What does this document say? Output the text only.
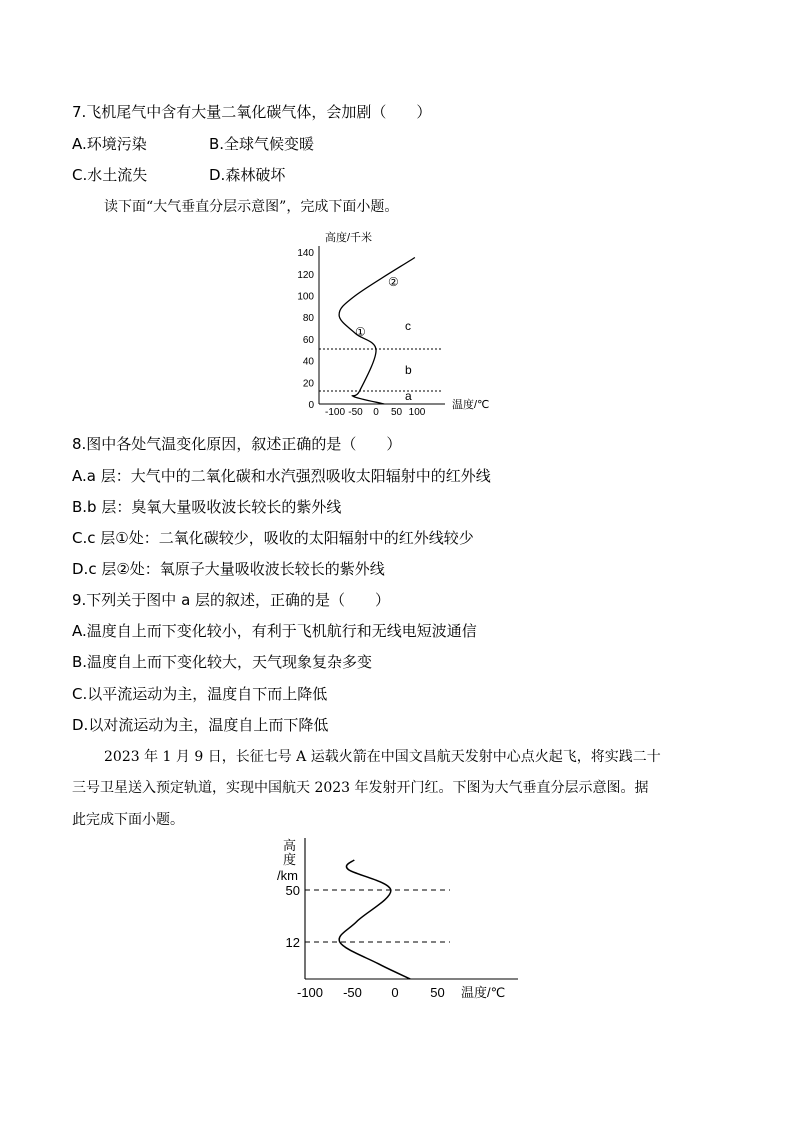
7.飞机尾气中含有大量二氧化碳气体，会加剧（　　）
A.环境污染	B.全球气候变暖
C.水土流失	D.森林破坏
读下面“大气垂直分层示意图”，完成下面小题。
高度/千米
140
120
100
80
60
40
20
0
-100 -50 0 50 100
温度/℃
c
b
a
①
②
8.图中各处气温变化原因，叙述正确的是（　　）
A.a 层：大气中的二氧化碳和水汽强烈吸收太阳辐射中的红外线
B.b 层：臭氧大量吸收波长较长的紫外线
C.c 层①处：二氧化碳较少，吸收的太阳辐射中的红外线较少
D.c 层②处：氧原子大量吸收波长较长的紫外线
9.下列关于图中 a 层的叙述，正确的是（　　）
A.温度自上而下变化较小，有利于飞机航行和无线电短波通信
B.温度自上而下变化较大，天气现象复杂多变
C.以平流运动为主，温度自下而上降低
D.以对流运动为主，温度自上而下降低
2023 年 1 月 9 日，长征七号 A 运载火箭在中国文昌航天发射中心点火起飞，将实践二十
三号卫星送入预定轨道，实现中国航天 2023 年发射开门红。下图为大气垂直分层示意图。据
此完成下面小题。
高
度
/km
50
12
-100 -50 0 50 温度/℃
